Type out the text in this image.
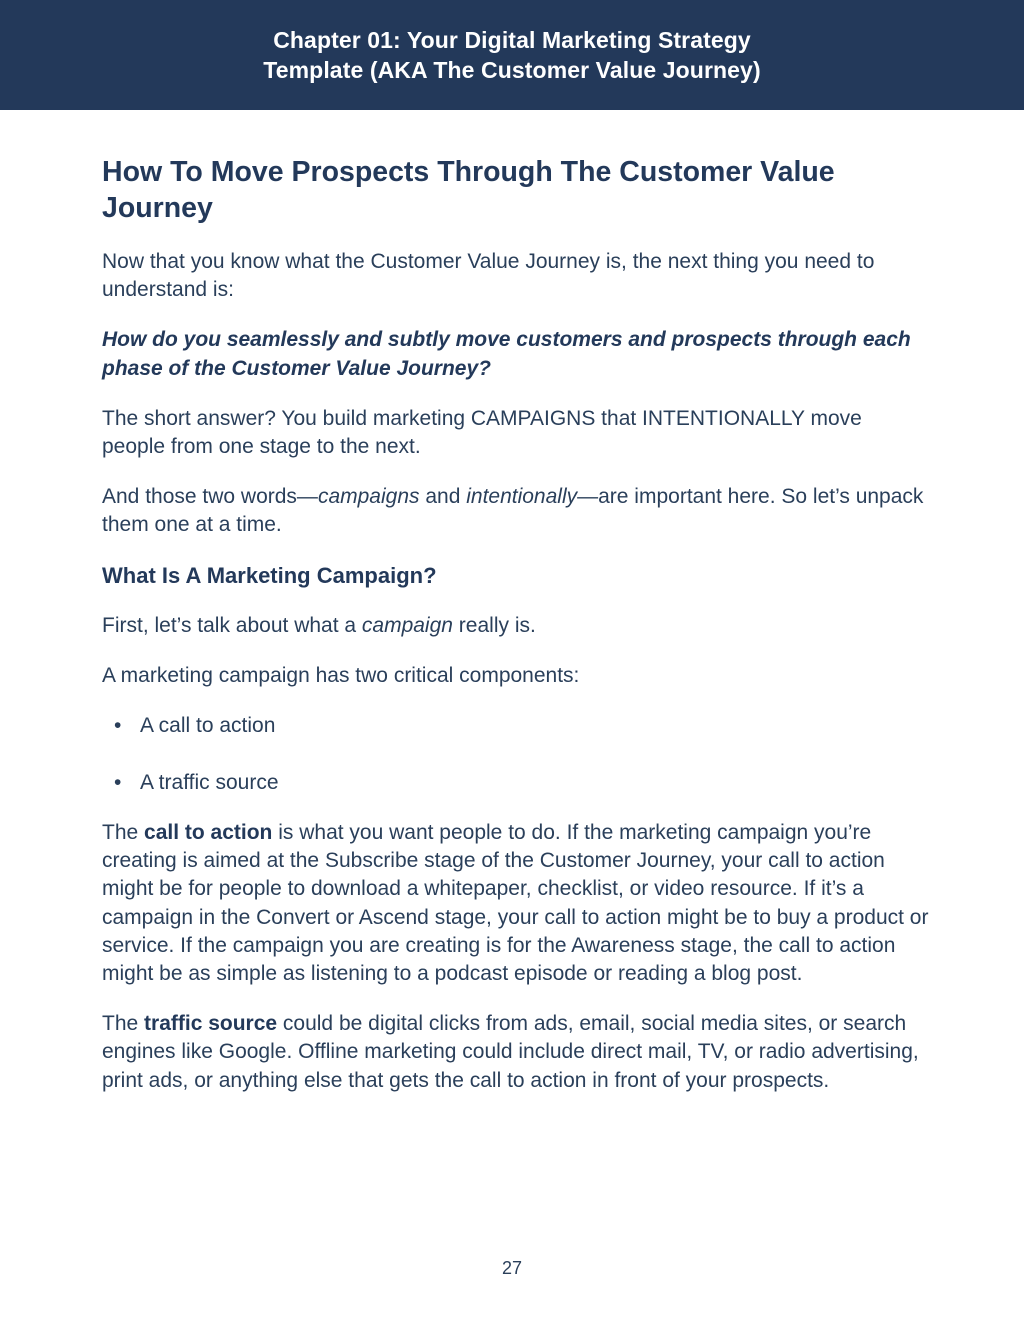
Chapter 01: Your Digital Marketing Strategy
Template (AKA The Customer Value Journey)
How To Move Prospects Through The Customer Value Journey

Now that you know what the Customer Value Journey is, the next thing you need to understand is:

How do you seamlessly and subtly move customers and prospects through each phase of the Customer Value Journey?

The short answer? You build marketing CAMPAIGNS that INTENTIONALLY move people from one stage to the next.

And those two words—campaigns and intentionally—are important here. So let’s unpack them one at a time.

What Is A Marketing Campaign?

First, let’s talk about what a campaign really is.

A marketing campaign has two critical components:

• A call to action
• A traffic source

The call to action is what you want people to do. If the marketing campaign you’re creating is aimed at the Subscribe stage of the Customer Journey, your call to action might be for people to download a whitepaper, checklist, or video resource. If it’s a campaign in the Convert or Ascend stage, your call to action might be to buy a product or service. If the campaign you are creating is for the Awareness stage, the call to action might be as simple as listening to a podcast episode or reading a blog post.

The traffic source could be digital clicks from ads, email, social media sites, or search engines like Google. Offline marketing could include direct mail, TV, or radio advertising, print ads, or anything else that gets the call to action in front of your prospects.

27
